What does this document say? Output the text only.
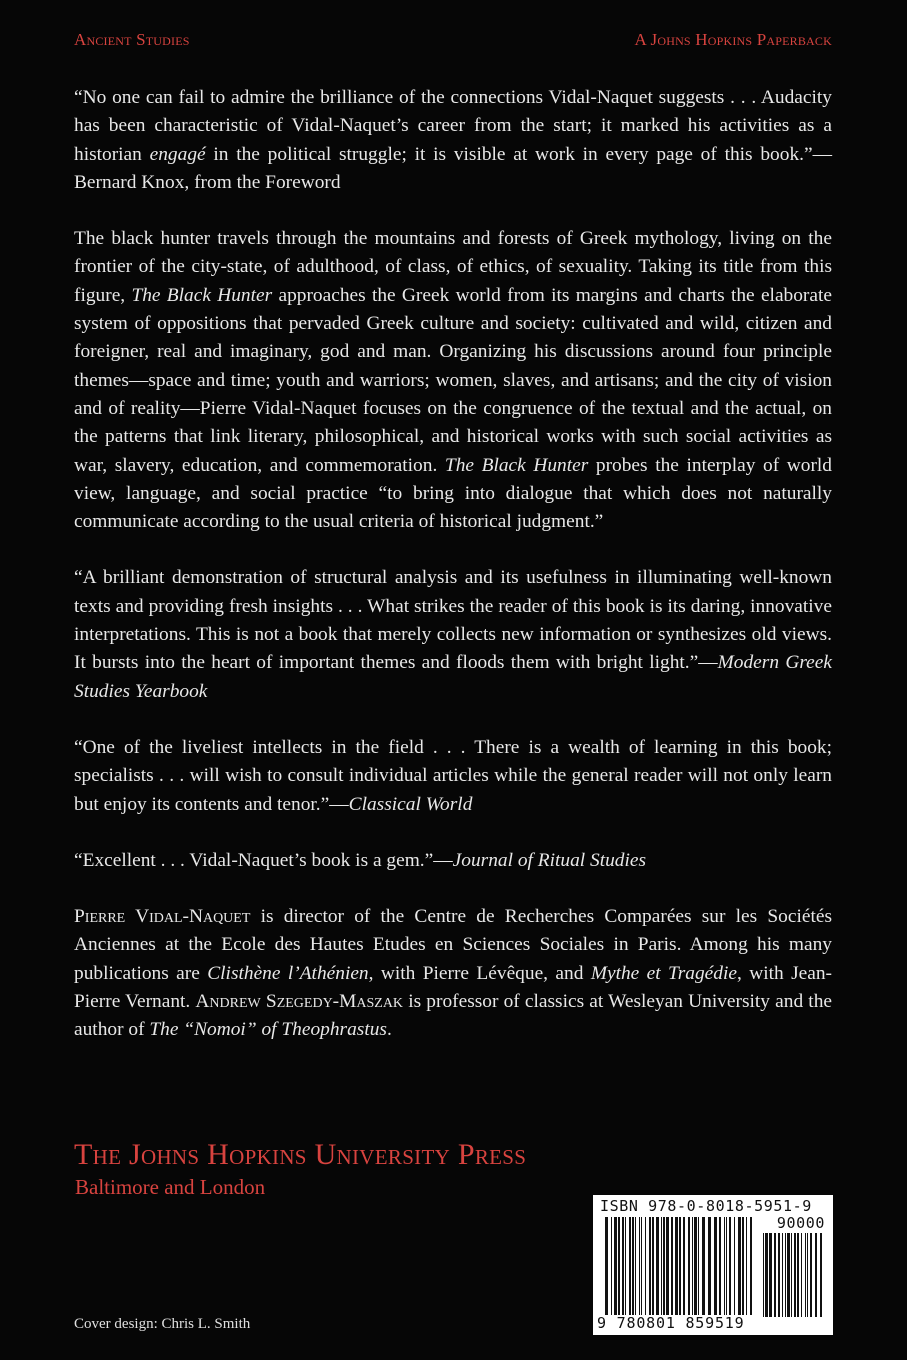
Ancient Studies	A Johns Hopkins Paperback

“No one can fail to admire the brilliance of the connections Vidal-Naquet suggests . . . Audacity has been characteristic of Vidal-Naquet’s career from the start; it marked his activities as a historian engagé in the political struggle; it is visible at work in every page of this book.”—Bernard Knox, from the Foreword

The black hunter travels through the mountains and forests of Greek mythology, living on the frontier of the city-state, of adulthood, of class, of ethics, of sexuality. Taking its title from this figure, The Black Hunter approaches the Greek world from its margins and charts the elaborate system of oppositions that pervaded Greek culture and society: cultivated and wild, citizen and foreigner, real and imaginary, god and man. Organizing his discussions around four principle themes—space and time; youth and warriors; women, slaves, and artisans; and the city of vision and of reality—Pierre Vidal-Naquet focuses on the congruence of the textual and the actual, on the patterns that link literary, philosophical, and historical works with such social activities as war, slavery, education, and commemoration. The Black Hunter probes the interplay of world view, language, and social practice “to bring into dialogue that which does not naturally communicate according to the usual criteria of historical judgment.”

“A brilliant demonstration of structural analysis and its usefulness in illuminating well-known texts and providing fresh insights . . . What strikes the reader of this book is its daring, innovative interpretations. This is not a book that merely collects new information or synthesizes old views. It bursts into the heart of important themes and floods them with bright light.”—Modern Greek Studies Yearbook

“One of the liveliest intellects in the field . . . There is a wealth of learning in this book; specialists . . . will wish to consult individual articles while the general reader will not only learn but enjoy its contents and tenor.”—Classical World

“Excellent . . . Vidal-Naquet’s book is a gem.”—Journal of Ritual Studies

Pierre Vidal-Naquet is director of the Centre de Recherches Comparées sur les Sociétés Anciennes at the Ecole des Hautes Etudes en Sciences Sociales in Paris. Among his many publications are Clisthène l’Athénien, with Pierre Lévêque, and Mythe et Tragédie, with Jean-Pierre Vernant. Andrew Szegedy-Maszak is professor of classics at Wesleyan University and the author of The “Nomoi” of Theophrastus.

The Johns Hopkins University Press
Baltimore and London
Cover design: Chris L. Smith
ISBN 978-0-8018-5951-9
90000
9 780801 859519
